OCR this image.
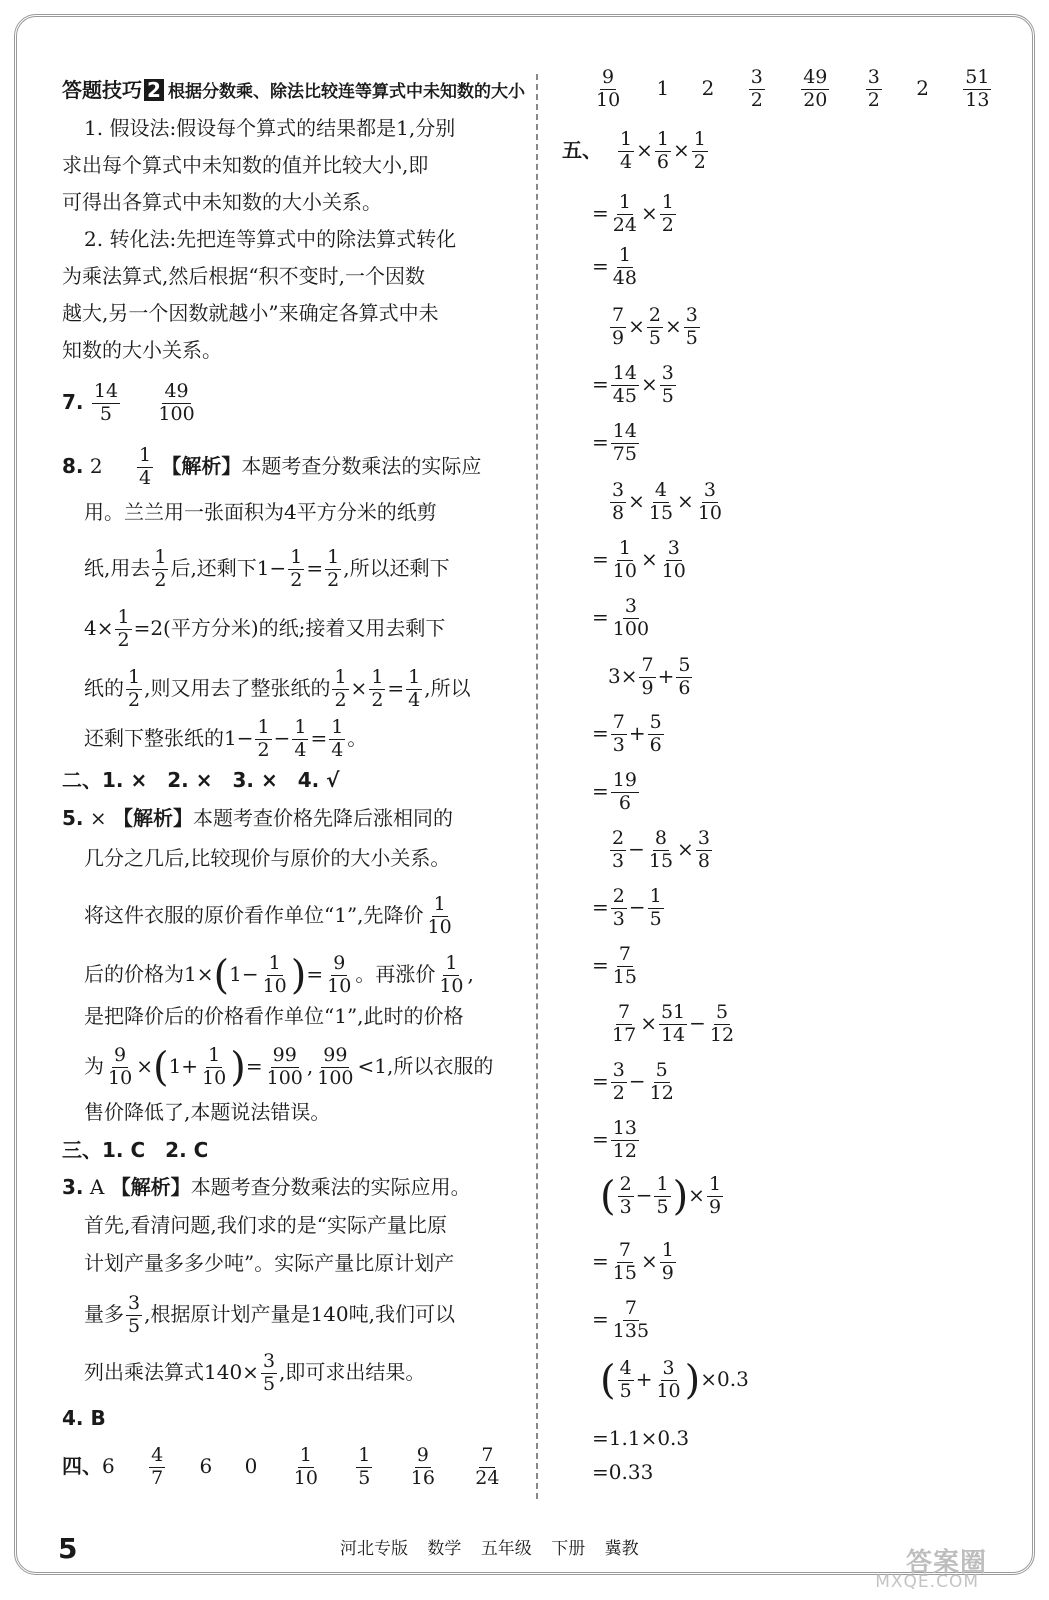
答题技巧 2 根据分数乘、除法比较连等算式中未知数的大小
1. 假设法:假设每个算式的结果都是1,分别
求出每个算式中未知数的值并比较大小,即
可得出各算式中未知数的大小关系。
2. 转化法:先把连等算式中的除法算式转化
为乘法算式,然后根据“积不变时,一个因数
越大,另一个因数就越小”来确定各算式中未
知数的大小关系。
7. $\frac{14}{5}$
$\frac{49}{100}$
8. $2 \frac{1}{4}$ 【解析】本题考查分数乘法的实际应
用。兰兰用一张面积为4平方分米的纸剪
纸,用去 $\frac{1}{2}$ 后,还剩下$1- \frac{1}{2} = \frac{1}{2}$ ,所以还剩下
$4\times \frac{1}{2} =2$(平方分米)的纸;接着又用去剩下
纸的 $\frac{1}{2}$ ,则又用去了整张纸的 $\frac{1}{2} \times \frac{1}{2} = \frac{1}{4}$ ,所以
还剩下整张纸的$1- \frac{1}{2} - \frac{1}{4} = \frac{1}{4}$ 。
二、1. ×　2. ×　3. ×　4. √
5. × 【解析】本题考查价格先降后涨相同的
几分之几后,比较现价与原价的大小关系。
将这件衣服的原价看作单位“1”,先降价 $\frac{1}{10}$
后的价格为$1\times(1- \frac{1}{10}$ )= $\frac{9}{10}$ 。再涨价 $\frac{1}{10}$ ,
是把降价后的价格看作单位“1”,此时的价格
为 $\frac{9}{10} \times(1+ \frac{1}{10}$ )= $\frac{99}{100}$ , $\frac{99}{100} <1$,所以衣服的
售价降低了,本题说法错误。
三、1. C　2. C
3. A 【解析】本题考查分数乘法的实际应用。
首先,看清问题,我们求的是“实际产量比原
计划产量多多少吨”。实际产量比原计划产
量多 $\frac{3}{5}$ ,根据原计划产量是140吨,我们可以
列出乘法算式$140\times \frac{3}{5}$ ,即可求出结果。
4. B
四、$6 \frac{4}{7} 6$ $0 \frac{1}{10}$
$\frac{1}{5}$
$\frac{9}{16}$
$\frac{7}{24}$
$\frac{9}{10} 1$ $2 \frac{3}{2}$
$\frac{49}{20}$
$\frac{3}{2} 2 \frac{51}{13}$
五、 $\frac{1}{4} \times \frac{1}{6} \times \frac{1}{2}$
= $\frac{1}{24} \times \frac{1}{2}$
= $\frac{1}{48}$
$\frac{7}{9} \times \frac{2}{5} \times \frac{3}{5}$
= $\frac{14}{45} \times \frac{3}{5}$
= $\frac{14}{75}$
$\frac{3}{8} \times \frac{4}{15} \times \frac{3}{10}$
= $\frac{1}{10} \times \frac{3}{10}$
= $\frac{3}{100}$
$3\times \frac{7}{9} + \frac{5}{6}$
= $\frac{7}{3} + \frac{5}{6}$
= $\frac{19}{6}$
$\frac{2}{3} - \frac{8}{15} \times \frac{3}{8}$
= $\frac{2}{3} - \frac{1}{5}$
= $\frac{7}{15}$
$\frac{7}{17} \times \frac{51}{14} - \frac{5}{12}$
= $\frac{3}{2} - \frac{5}{12}$
= $\frac{13}{12}$
( $\frac{2}{3} - \frac{1}{5}$ )× $\frac{1}{9}$
= $\frac{7}{15} \times \frac{1}{9}$
= $\frac{7}{135}$
( $\frac{4}{5} + \frac{3}{10} )\times 0.3$
=1.1×0.3
=0.33
5	河北专版 数学 五年级 下册 冀教	答案圈
MXQE.COM
